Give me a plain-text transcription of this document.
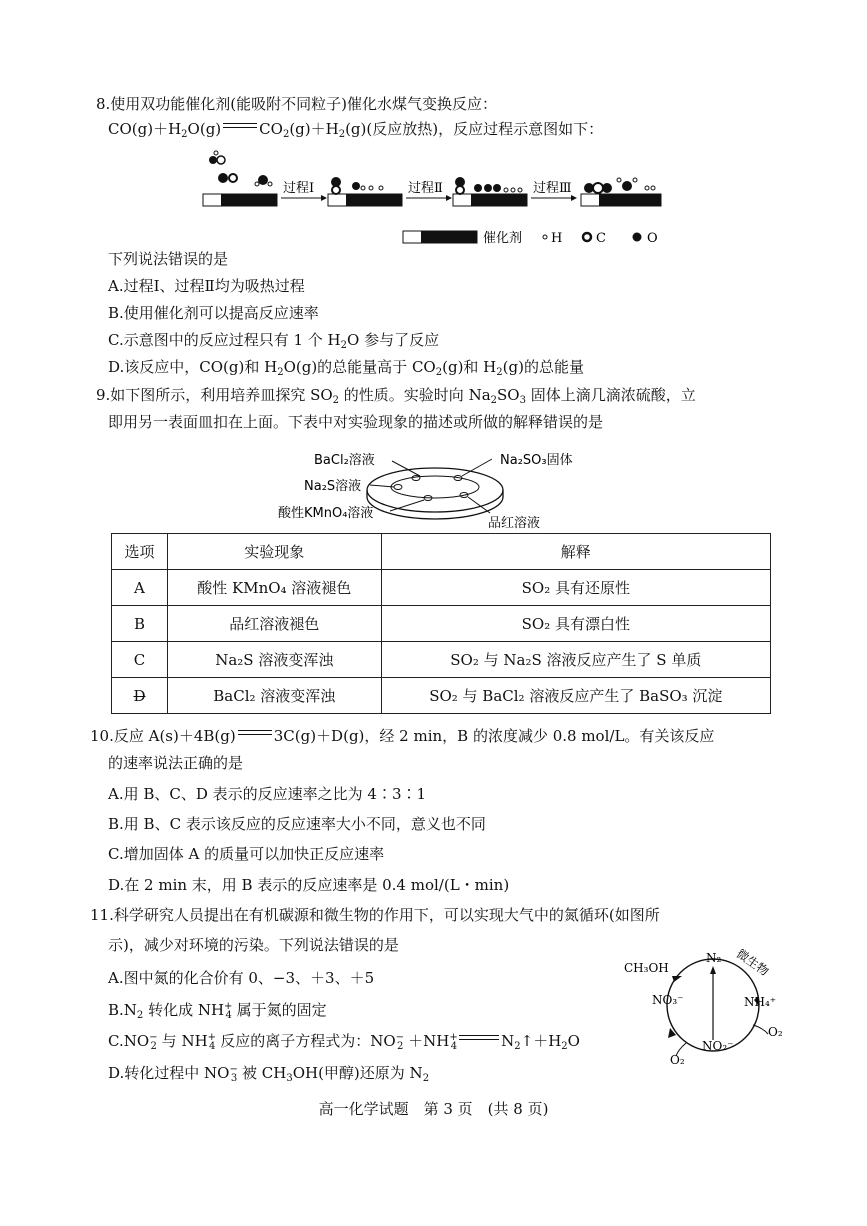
8.使用双功能催化剂(能吸附不同粒子)催化水煤气变换反应：
$CO(g)+H_2O(g)$	$CO_2(g)+H_2(g)$(反应放热)，反应过程示意图如下：
过程Ⅰ	过程Ⅱ	过程Ⅲ
催化剂 H	C	O
下列说法错误的是
A.过程Ⅰ、过程Ⅱ均为吸热过程
B.使用催化剂可以提高反应速率
C.示意图中的反应过程只有 1 个 $H_2O$ 参与了反应
D.该反应中，CO(g)和 $H_2O(g)$的总能量高于 $CO_2(g)$和 $H_2(g)$的总能量
9.如下图所示，利用培养皿探究 $SO_2$ 的性质。实验时向 $Na_2SO_3$ 固体上滴几滴浓硫酸，立
即用另一表面皿扣在上面。下表中对实验现象的描述或所做的解释错误的是
BaCl₂溶液	Na₂SO₃固体
Na₂S溶液
酸性KMnO₄溶液
品红溶液
选项	实验现象	解释
A	酸性 KMnO₄ 溶液褪色	SO₂ 具有还原性
B	品红溶液褪色	SO₂ 具有漂白性
C	Na₂S 溶液变浑浊	SO₂ 与 Na₂S 溶液反应产生了 S 单质
D	BaCl₂ 溶液变浑浊	SO₂ 与 BaCl₂ 溶液反应产生了 BaSO₃ 沉淀
10.反应 A(s)＋4B(g)	3C(g)＋D(g)，经 2 min，B 的浓度减少 0.8 mol/L。有关该反应
的速率说法正确的是
A.用 B、C、D 表示的反应速率之比为 4∶3∶1
B.用 B、C 表示该反应的反应速率大小不同，意义也不同
C.增加固体 A 的质量可以加快正反应速率
D.在 2 min 末，用 B 表示的反应速率是 0.4 mol/(L・min)
11.科学研究人员提出在有机碳源和微生物的作用下，可以实现大气中的氮循环(如图所
示)，减少对环境的污染。下列说法错误的是
A.图中氮的化合价有 0、−3、＋3、＋5
$B.N_2$ 转化成 $NH^+_4$ 属于氮的固定
$C.NO^-_2$ 与 $NH^+_4$ 反应的离子方程式为：$NO^-_2 +NH^+_4$	$N_2↑+H_2O$
D.转化过程中 $NO^-_3$ 被 $CH_3OH$(甲醇)还原为 $N_2$
CH₃OH
N₂ 微生物
NH₄⁺
NO₃⁻
NO₂⁻
O₂
O₂
高一化学试题　第 3 页　(共 8 页)
